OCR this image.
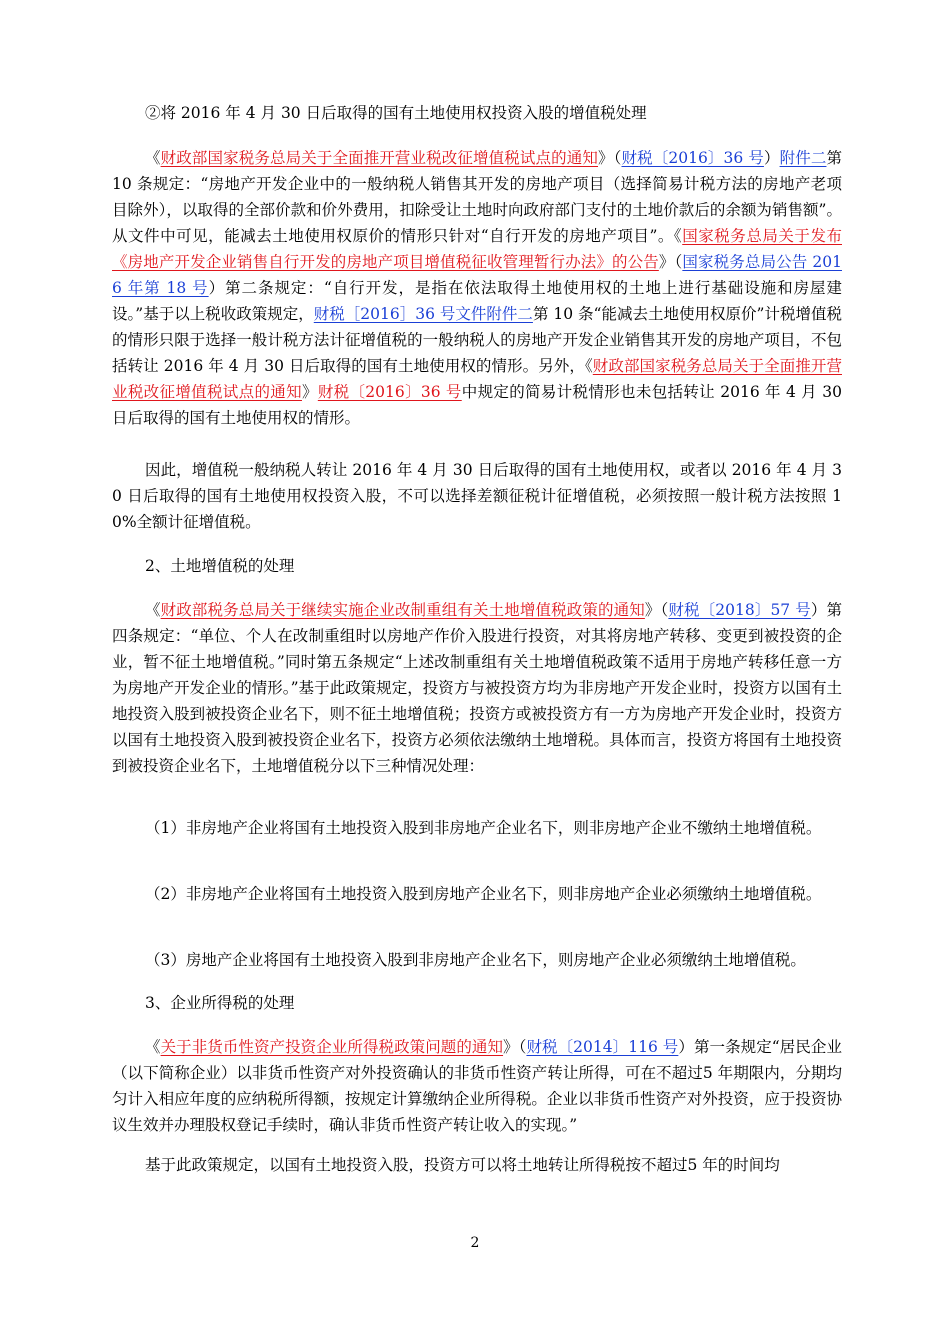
②将 2016 年 4 月 30 日后取得的国有土地使用权投资入股的增值税处理
《财政部国家税务总局关于全面推开营业税改征增值税试点的通知》（财税〔2016〕36 号）附件二第 10 条规定：“房地产开发企业中的一般纳税人销售其开发的房地产项目（选择简易计税方法的房地产老项目除外），以取得的全部价款和价外费用，扣除受让土地时向政府部门支付的土地价款后的余额为销售额”。从文件中可见，能减去土地使用权原价的情形只针对“自行开发的房地产项目”。《国家税务总局关于发布《房地产开发企业销售自行开发的房地产项目增值税征收管理暂行办法》的公告》（国家税务总局公告 2016 年第 18 号）第二条规定：“自行开发，是指在依法取得土地使用权的土地上进行基础设施和房屋建设。”基于以上税收政策规定，财税［2016］36 号文件附件二第 10 条“能减去土地使用权原价”计税增值税的情形只限于选择一般计税方法计征增值税的一般纳税人的房地产开发企业销售其开发的房地产项目，不包括转让 2016 年 4 月 30 日后取得的国有土地使用权的情形。另外，《财政部国家税务总局关于全面推开营业税改征增值税试点的通知》财税〔2016〕36 号中规定的简易计税情形也未包括转让 2016 年 4 月 30 日后取得的国有土地使用权的情形。
因此，增值税一般纳税人转让 2016 年 4 月 30 日后取得的国有土地使用权，或者以 2016 年 4 月 30 日后取得的国有土地使用权投资入股，不可以选择差额征税计征增值税，必须按照一般计税方法按照 10%全额计征增值税。
2、土地增值税的处理
《财政部税务总局关于继续实施企业改制重组有关土地增值税政策的通知》（财税〔2018〕57 号）第四条规定：“单位、个人在改制重组时以房地产作价入股进行投资，对其将房地产转移、变更到被投资的企业，暂不征土地增值税。”同时第五条规定“上述改制重组有关土地增值税政策不适用于房地产转移任意一方为房地产开发企业的情形。”基于此政策规定，投资方与被投资方均为非房地产开发企业时，投资方以国有土地投资入股到被投资企业名下，则不征土地增值税；投资方或被投资方有一方为房地产开发企业时，投资方以国有土地投资入股到被投资企业名下，投资方必须依法缴纳土地增税。具体而言，投资方将国有土地投资到被投资企业名下，土地增值税分以下三种情况处理：
（1）非房地产企业将国有土地投资入股到非房地产企业名下，则非房地产企业不缴纳土地增值税。
（2）非房地产企业将国有土地投资入股到房地产企业名下，则非房地产企业必须缴纳土地增值税。
（3）房地产企业将国有土地投资入股到非房地产企业名下，则房地产企业必须缴纳土地增值税。
3、企业所得税的处理
《关于非货币性资产投资企业所得税政策问题的通知》（财税〔2014〕116 号）第一条规定“居民企业（以下简称企业）以非货币性资产对外投资确认的非货币性资产转让所得，可在不超过5 年期限内，分期均匀计入相应年度的应纳税所得额，按规定计算缴纳企业所得税。企业以非货币性资产对外投资，应于投资协议生效并办理股权登记手续时，确认非货币性资产转让收入的实现。”
基于此政策规定，以国有土地投资入股，投资方可以将土地转让所得税按不超过5 年的时间均
2
